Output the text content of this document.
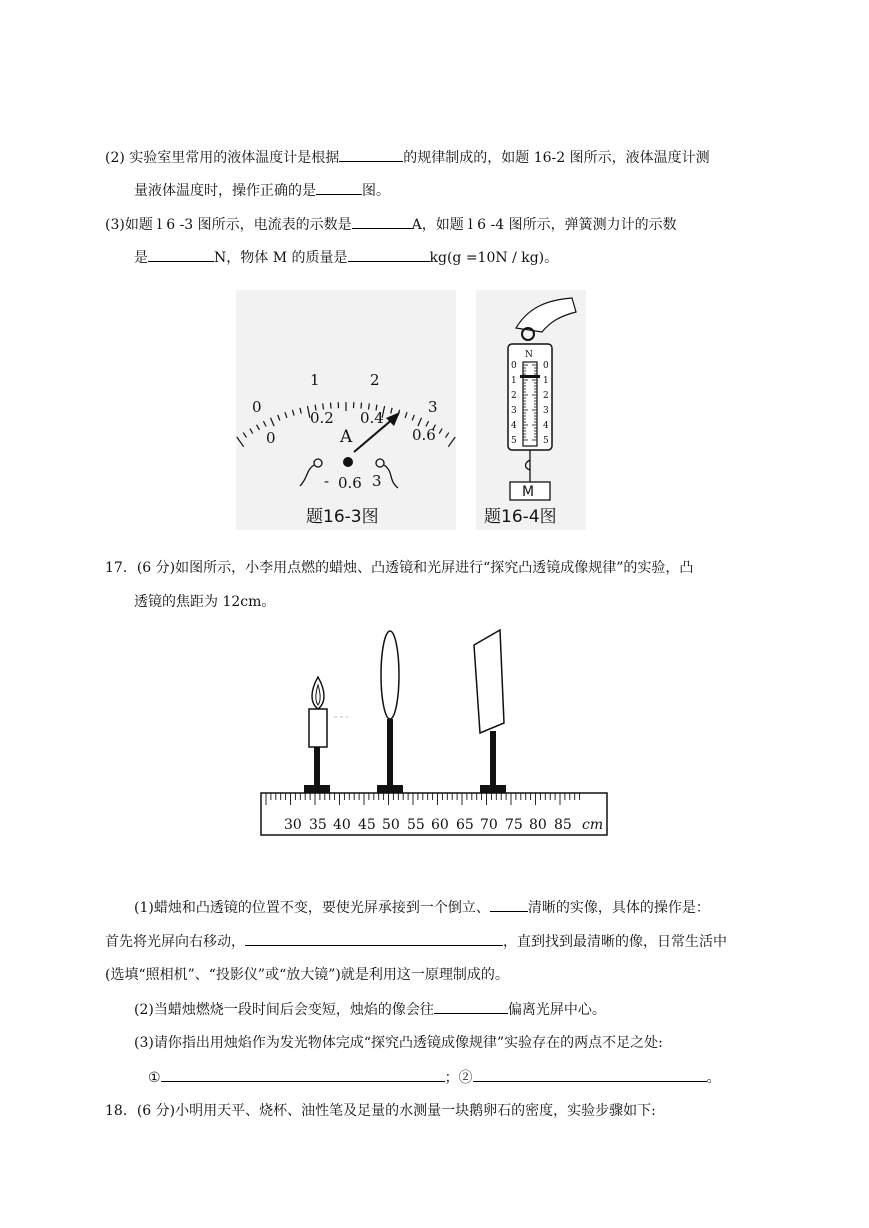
(2) 实验室里常用的液体温度计是根据	的规律制成的，如题 16-2 图所示，液体温度计测
量液体温度时，操作正确的是	图。
(3)如题 l 6 -3 图所示，电流表的示数是	A，如题 l 6 -4 图所示，弹簧测力计的示数
是	N，物体 M 的质量是	kg(g =10N / kg)。
0
1	2
3
0
0.2 0.4
0.6
A
- 0.6 3
题16-3图
N
0
1
2
3
4
5
0
1
2
3
4
5
M
题16-4图
17．(6 分)如图所示，小李用点燃的蜡烛、凸透镜和光屏进行“探究凸透镜成像规律”的实验，凸
透镜的焦距为 12cm。
30 35 40 45 50 55 60 65 70 75 80 85 cm
(1)蜡烛和凸透镜的位置不变，要使光屏承接到一个倒立、	清晰的实像，具体的操作是：
首先将光屏向右移动，	，直到找到最清晰的像，日常生活中
(选填“照相机”、“投影仪”或“放大镜”)就是利用这一原理制成的。
(2)当蜡烛燃烧一段时间后会变短，烛焰的像会往	偏离光屏中心。
(3)请你指出用烛焰作为发光物体完成“探究凸透镜成像规律”实验存在的两点不足之处:
①	；②	。
18．(6 分)小明用天平、烧杯、油性笔及足量的水测量一块鹅卵石的密度，实验步骤如下:
